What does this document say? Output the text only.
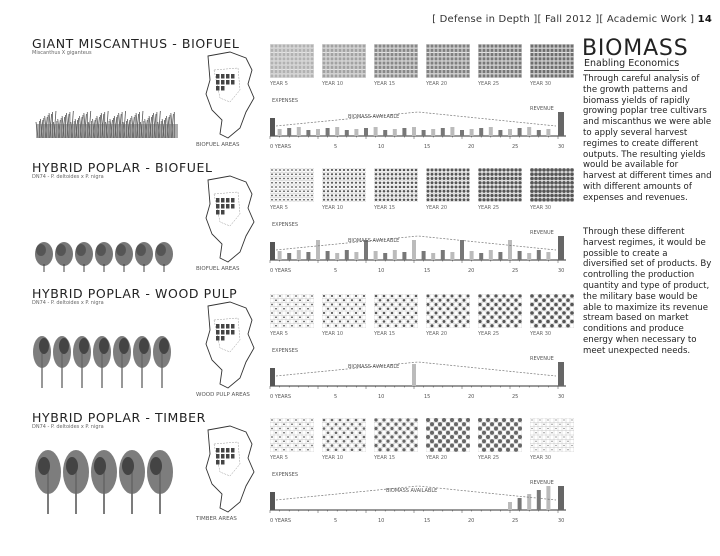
[ Defense in Depth ][ Fall 2012 ][ Academic Work ] 14
BIOMASS
Enabling Economics
Through careful analysis of the growth patterns and biomass yields of rapidly growing poplar tree cultivars and miscanthus we were able to apply several harvest regimes to create different outputs. The resulting yields would be available for harvest at different times and with different amounts of expenses and revenues.
Through these different harvest regimes, it would be possible to create a diversified set of products. By controlling the production quantity and type of product, the military base would be able to maximize its revenue stream based on market conditions and produce energy when necessary to meet unexpected needs.
GIANT MISCANTHUS - BIOFUEL
Miscanthus X giganteus
BIOFUEL AREAS
YEAR 5	YEAR 10	YEAR 15	YEAR 20	YEAR 25	YEAR 30
EXPENSES
BIOMASS AVAILABLE
REVENUE
0 YEARS	5	10	15	20	25	30
HYBRID POPLAR - BIOFUEL
DN74 - P. deltoides x P. nigra
BIOFUEL AREAS
YEAR 5	YEAR 10	YEAR 15	YEAR 20	YEAR 25	YEAR 30
EXPENSES
BIOMASS AVAILABLE
REVENUE
0 YEARS	5	10	15	20	25	30
HYBRID POPLAR - WOOD PULP
DN74 - P. deltoides x P. nigra
WOOD PULP AREAS
YEAR 5	YEAR 10	YEAR 15	YEAR 20	YEAR 25	YEAR 30
EXPENSES
BIOMASS AVAILABLE
REVENUE
0 YEARS	5	10	15	20	25	30
HYBRID POPLAR - TIMBER
DN74 - P. deltoides x P. nigra
TIMBER AREAS
YEAR 5	YEAR 10	YEAR 15	YEAR 20	YEAR 25	YEAR 30
EXPENSES
BIOMASS AVAILABLE
REVENUE
0 YEARS	5	10	15	20	25	30
